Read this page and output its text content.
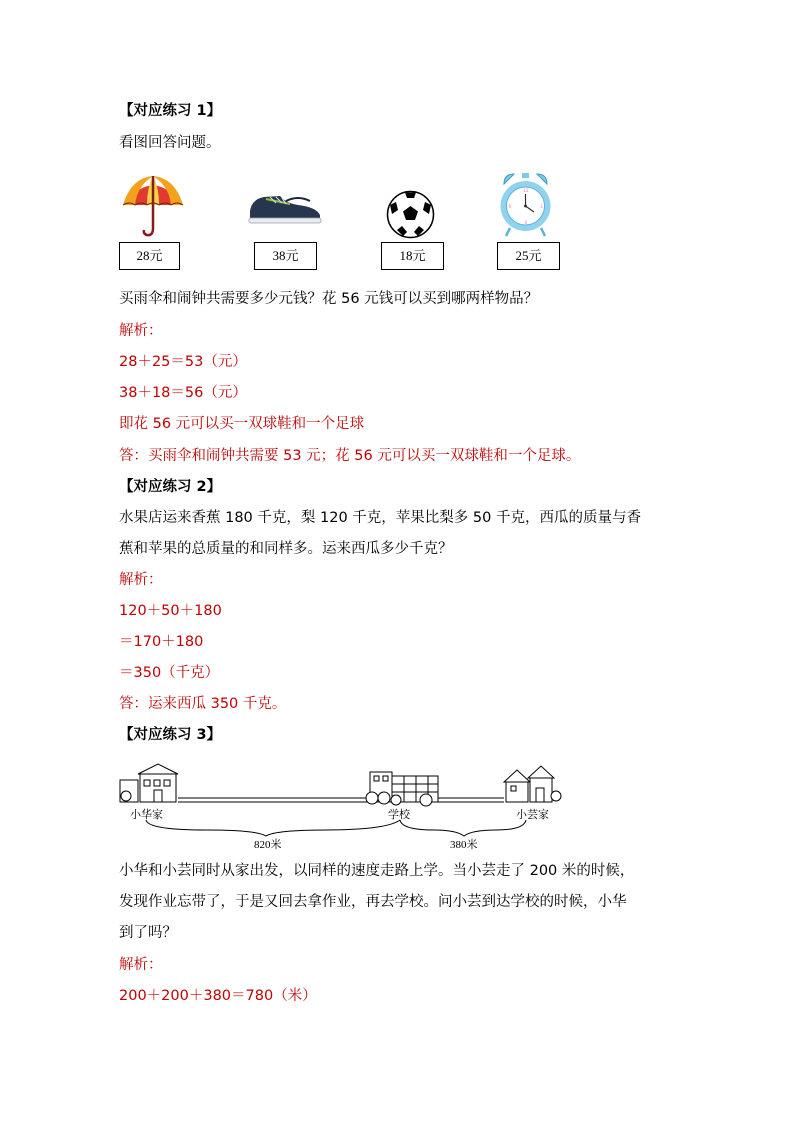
【对应练习 1】
看图回答问题。
28元	38元	18元
12
3
6
9
25元
买雨伞和闹钟共需要多少元钱？花 56 元钱可以买到哪两样物品？
解析：
28＋25＝53（元）
38＋18＝56（元）
即花 56 元可以买一双球鞋和一个足球
答：买雨伞和闹钟共需要 53 元；花 56 元可以买一双球鞋和一个足球。
【对应练习 2】
水果店运来香蕉 180 千克，梨 120 千克，苹果比梨多 50 千克，西瓜的质量与香
蕉和苹果的总质量的和同样多。运来西瓜多少千克？
解析：
120＋50＋180
＝170＋180
＝350（千克）
答：运来西瓜 350 千克。
【对应练习 3】
小华家	学校	小芸家
820米	380米
小华和小芸同时从家出发，以同样的速度走路上学。当小芸走了 200 米的时候，
发现作业忘带了，于是又回去拿作业，再去学校。问小芸到达学校的时候，小华
到了吗？
解析：
200＋200＋380＝780（米）
